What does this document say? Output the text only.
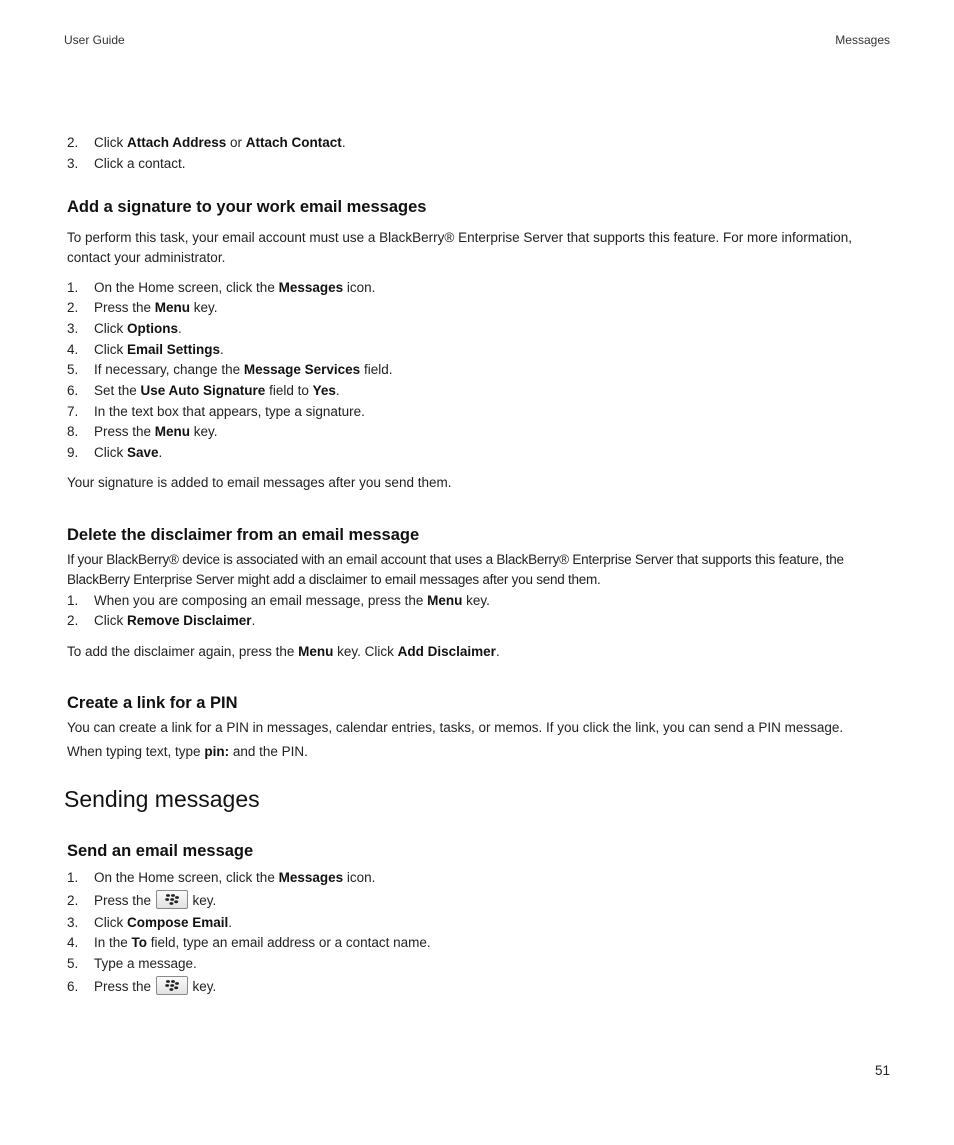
User Guide	Messages
2. Click Attach Address or Attach Contact.
3. Click a contact.
Add a signature to your work email messages
To perform this task, your email account must use a BlackBerry® Enterprise Server that supports this feature. For more information, contact your administrator.
1. On the Home screen, click the Messages icon.
2. Press the Menu key.
3. Click Options.
4. Click Email Settings.
5. If necessary, change the Message Services field.
6. Set the Use Auto Signature field to Yes.
7. In the text box that appears, type a signature.
8. Press the Menu key.
9. Click Save.
Your signature is added to email messages after you send them.
Delete the disclaimer from an email message
If your BlackBerry® device is associated with an email account that uses a BlackBerry® Enterprise Server that supports this feature, the BlackBerry Enterprise Server might add a disclaimer to email messages after you send them.
1. When you are composing an email message, press the Menu key.
2. Click Remove Disclaimer.
To add the disclaimer again, press the Menu key. Click Add Disclaimer.
Create a link for a PIN
You can create a link for a PIN in messages, calendar entries, tasks, or memos. If you click the link, you can send a PIN message.
When typing text, type pin: and the PIN.
Sending messages
Send an email message
1. On the Home screen, click the Messages icon.
2. Press the	key.
3. Click Compose Email.
4. In the To field, type an email address or a contact name.
5. Type a message.
6. Press the	key.
51
